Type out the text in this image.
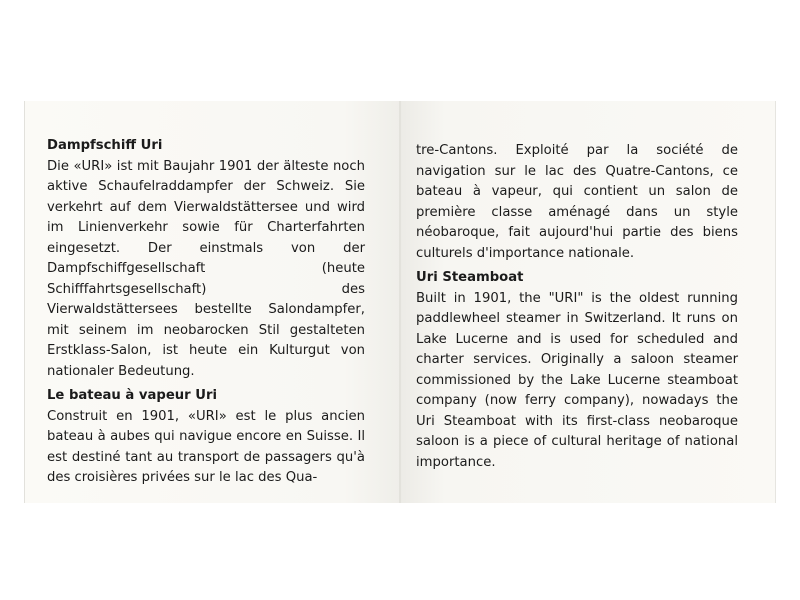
Dampfschiff Uri

Die «URI» ist mit Baujahr 1901 der älteste noch aktive Schaufelraddampfer der Schweiz. Sie verkehrt auf dem Vierwaldstättersee und wird im Linienverkehr sowie für Charterfahrten eingesetzt. Der einstmals von der Dampfschiffgesellschaft (heute Schifffahrtsgesellschaft) des Vierwaldstättersees bestellte Salondampfer, mit seinem im neobarocken Stil gestalteten Erstklass-Salon, ist heute ein Kulturgut von nationaler Bedeutung.

Le bateau à vapeur Uri

Construit en 1901, «URI» est le plus ancien bateau à aubes qui navigue encore en Suisse. Il est destiné tant au transport de passagers qu'à des croisières privées sur le lac des Qua-

tre-Cantons. Exploité par la société de navigation sur le lac des Quatre-Cantons, ce bateau à vapeur, qui contient un salon de première classe aménagé dans un style néobaroque, fait aujourd'hui partie des biens culturels d'importance nationale.

Uri Steamboat

Built in 1901, the "URI" is the oldest running paddlewheel steamer in Switzerland. It runs on Lake Lucerne and is used for scheduled and charter services. Originally a saloon steamer commissioned by the Lake Lucerne steamboat company (now ferry company), nowadays the Uri Steamboat with its first-class neobaroque saloon is a piece of cultural heritage of national importance.
